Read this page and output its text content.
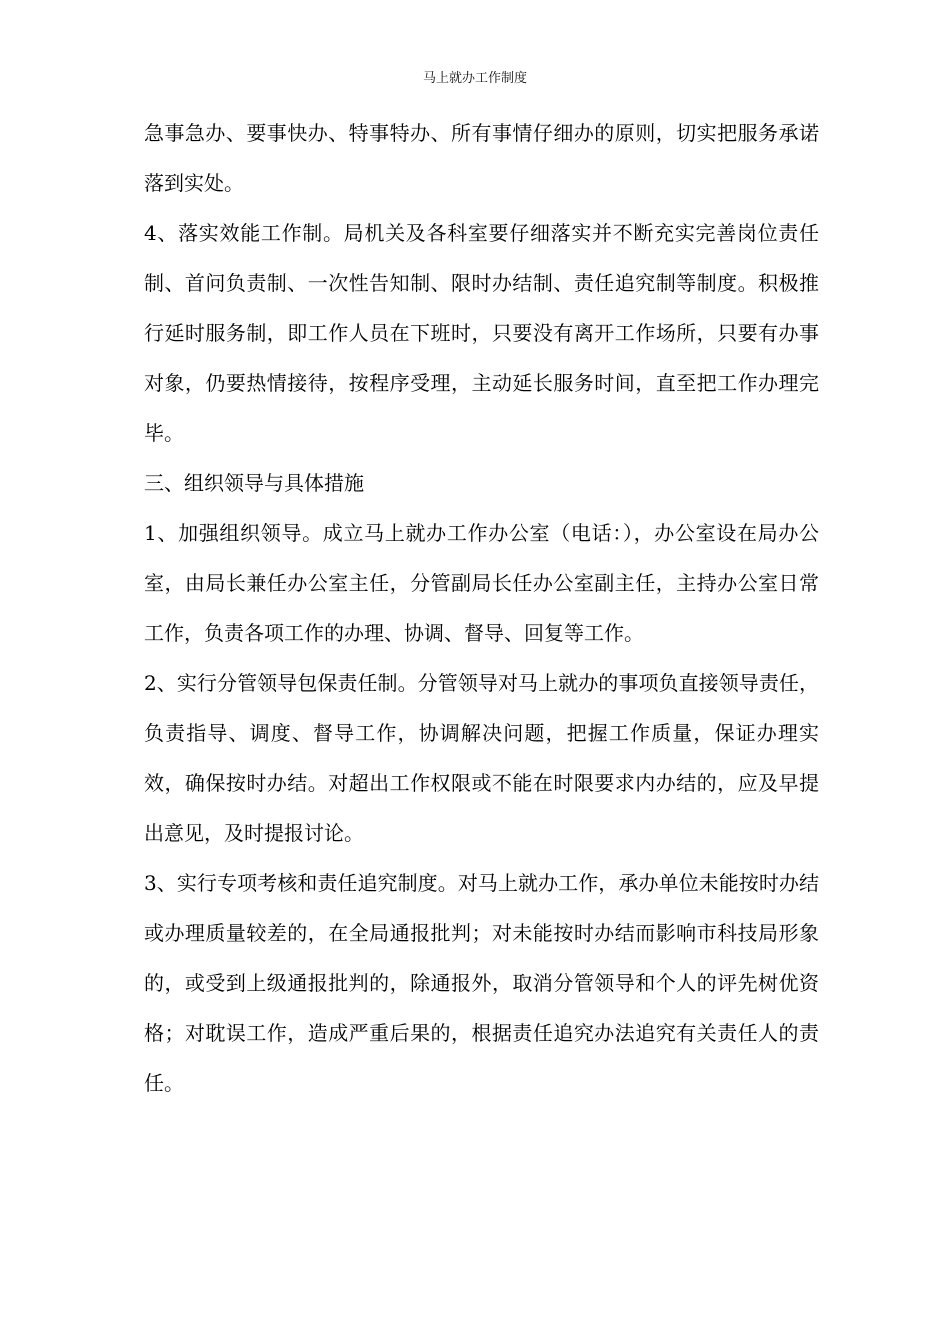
马上就办工作制度

急事急办、要事快办、特事特办、所有事情仔细办的原则，切实把服务承诺落到实处。

4、落实效能工作制。局机关及各科室要仔细落实并不断充实完善岗位责任制、首问负责制、一次性告知制、限时办结制、责任追究制等制度。积极推行延时服务制，即工作人员在下班时，只要没有离开工作场所，只要有办事对象，仍要热情接待，按程序受理，主动延长服务时间，直至把工作办理完毕。

三、组织领导与具体措施

1、加强组织领导。成立马上就办工作办公室（电话：），办公室设在局办公室，由局长兼任办公室主任，分管副局长任办公室副主任，主持办公室日常工作，负责各项工作的办理、协调、督导、回复等工作。

2、实行分管领导包保责任制。分管领导对马上就办的事项负直接领导责任，负责指导、调度、督导工作，协调解决问题，把握工作质量，保证办理实效，确保按时办结。对超出工作权限或不能在时限要求内办结的，应及早提出意见，及时提报讨论。

3、实行专项考核和责任追究制度。对马上就办工作，承办单位未能按时办结或办理质量较差的，在全局通报批判；对未能按时办结而影响市科技局形象的，或受到上级通报批判的，除通报外，取消分管领导和个人的评先树优资格；对耽误工作，造成严重后果的，根据责任追究办法追究有关责任人的责任。
